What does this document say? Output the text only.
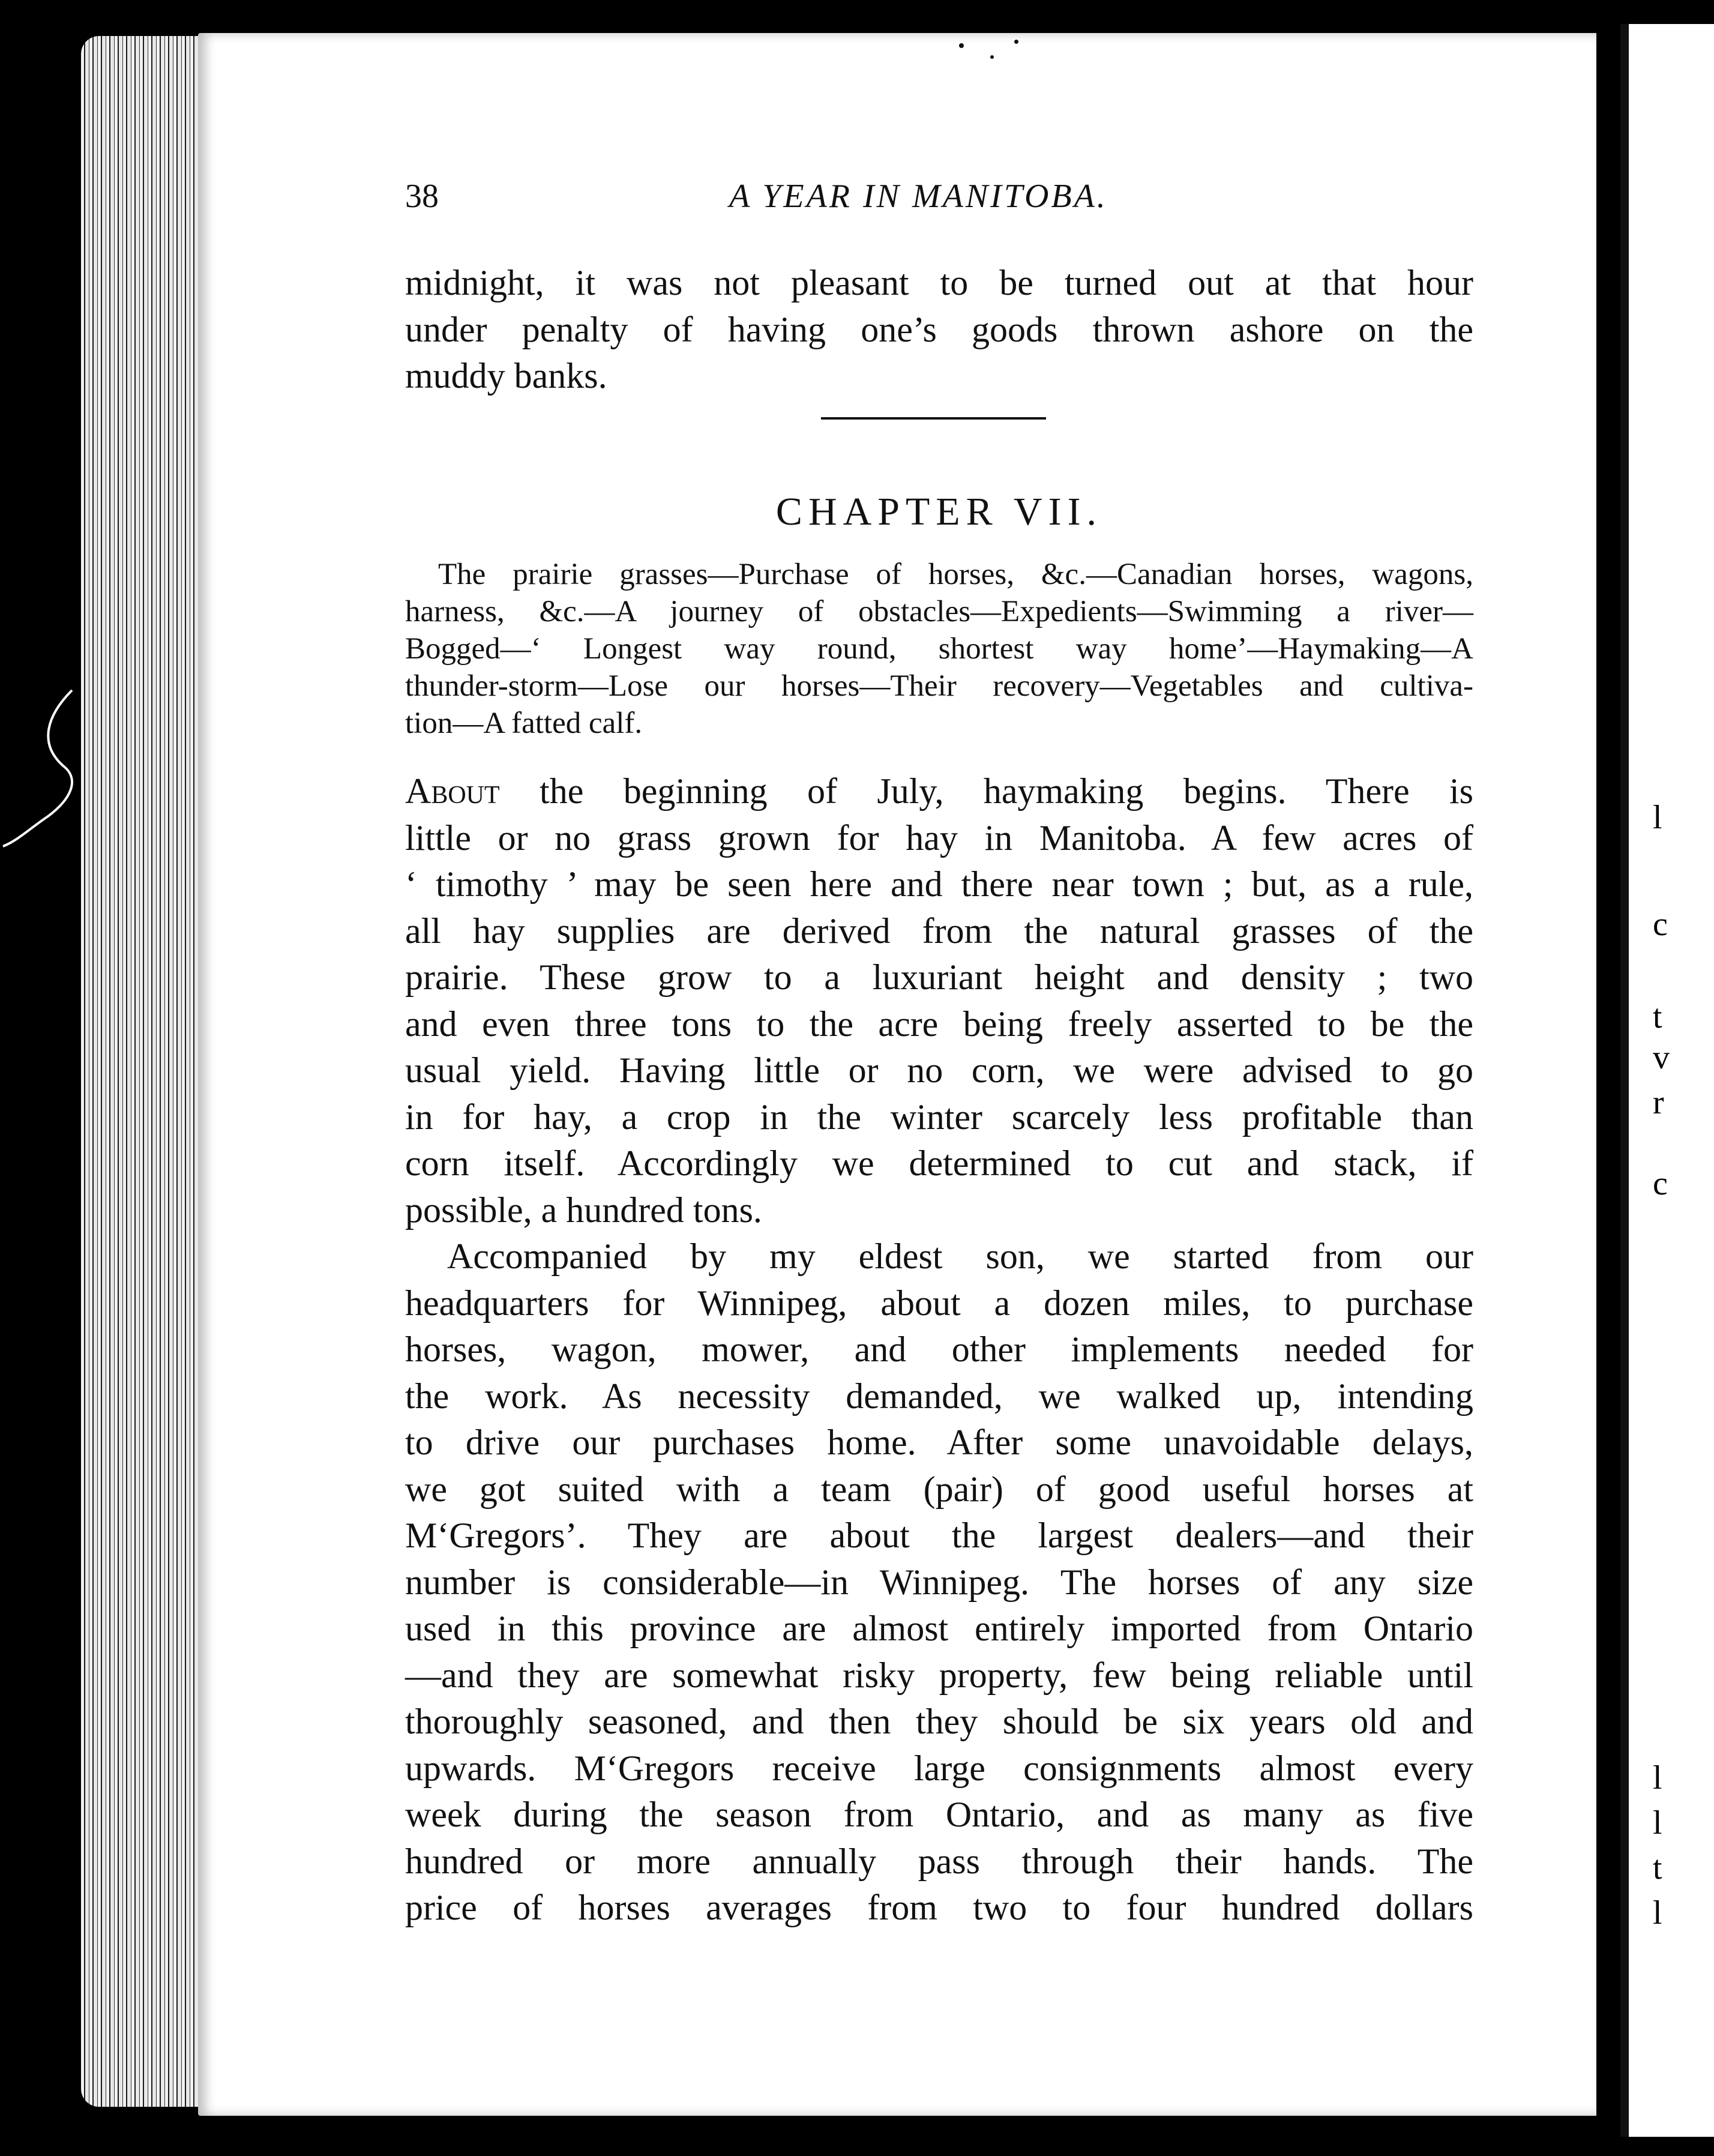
l
c
t
v
r
c
l
l
t
l
38	A YEAR IN MANITOBA.
midnight, it was not pleasant to be turned out at that hour
under penalty of having one’s goods thrown ashore on the
muddy banks.
CHAPTER VII.
The prairie grasses—Purchase of horses, &c.—Canadian horses, wagons,
harness, &c.—A journey of obstacles—Expedients—Swimming a river—
Bogged—‘ Longest way round, shortest way home’—Haymaking—A
thunder-storm—Lose our horses—Their recovery—Vegetables and cultiva-
tion—A fatted calf.
About the beginning of July, haymaking begins. There is
little or no grass grown for hay in Manitoba. A few acres of
‘ timothy ’ may be seen here and there near town ; but, as a rule,
all hay supplies are derived from the natural grasses of the
prairie. These grow to a luxuriant height and density ; two
and even three tons to the acre being freely asserted to be the
usual yield. Having little or no corn, we were advised to go
in for hay, a crop in the winter scarcely less profitable than
corn itself. Accordingly we determined to cut and stack, if
possible, a hundred tons.
Accompanied by my eldest son, we started from our
headquarters for Winnipeg, about a dozen miles, to purchase
horses, wagon, mower, and other implements needed for
the work. As necessity demanded, we walked up, intending
to drive our purchases home. After some unavoidable delays,
we got suited with a team (pair) of good useful horses at
M‘Gregors’. They are about the largest dealers—and their
number is considerable—in Winnipeg. The horses of any size
used in this province are almost entirely imported from Ontario
—and they are somewhat risky property, few being reliable until
thoroughly seasoned, and then they should be six years old and
upwards. M‘Gregors receive large consignments almost every
week during the season from Ontario, and as many as five
hundred or more annually pass through their hands. The
price of horses averages from two to four hundred dollars
